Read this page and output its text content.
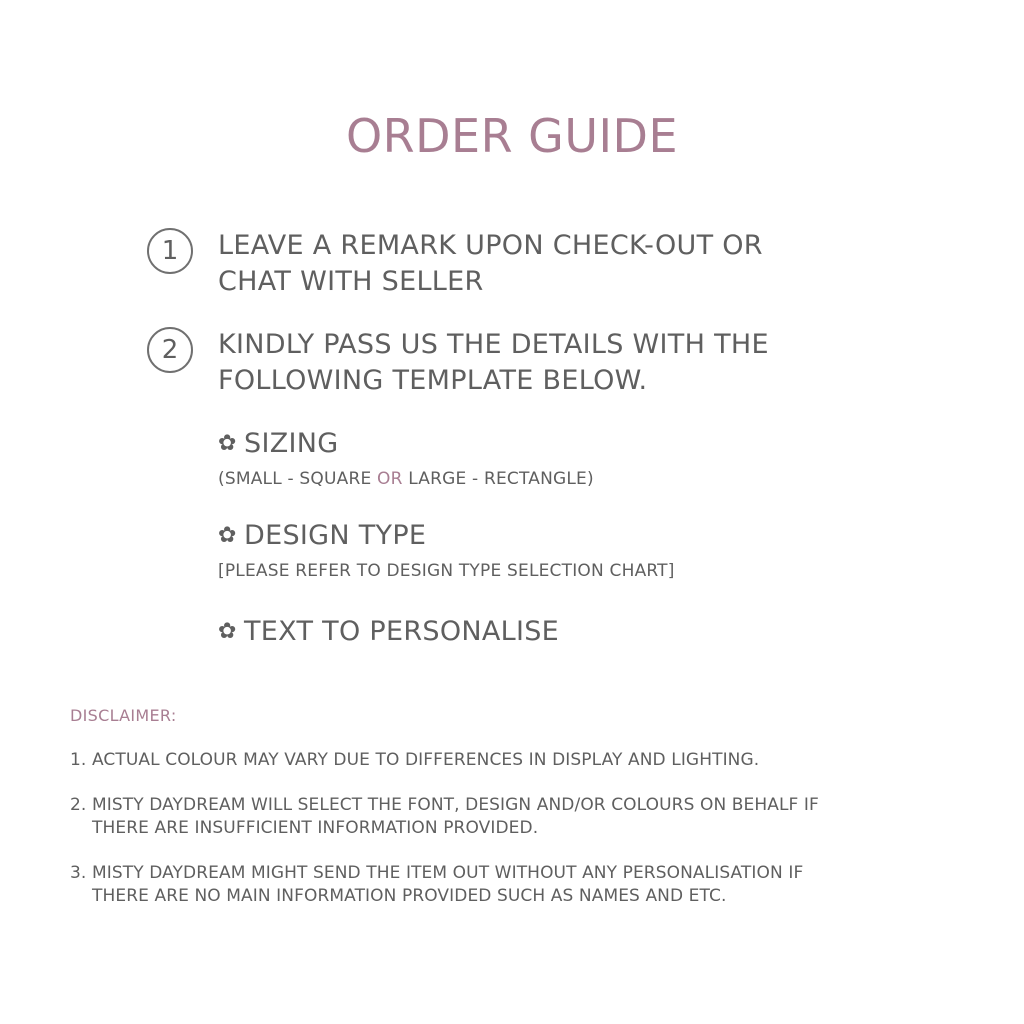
ORDER GUIDE
1	LEAVE A REMARK UPON CHECK-OUT OR
CHAT WITH SELLER
2	KINDLY PASS US THE DETAILS WITH THE
FOLLOWING TEMPLATE BELOW.
✿ SIZING
(SMALL - SQUARE OR LARGE - RECTANGLE)
✿ DESIGN TYPE
[PLEASE REFER TO DESIGN TYPE SELECTION CHART]
✿ TEXT TO PERSONALISE
DISCLAIMER:
1. ACTUAL COLOUR MAY VARY DUE TO DIFFERENCES IN DISPLAY AND LIGHTING.
2. MISTY DAYDREAM WILL SELECT THE FONT, DESIGN AND/OR COLOURS ON BEHALF IF
THERE ARE INSUFFICIENT INFORMATION PROVIDED.
3. MISTY DAYDREAM MIGHT SEND THE ITEM OUT WITHOUT ANY PERSONALISATION IF
THERE ARE NO MAIN INFORMATION PROVIDED SUCH AS NAMES AND ETC.
